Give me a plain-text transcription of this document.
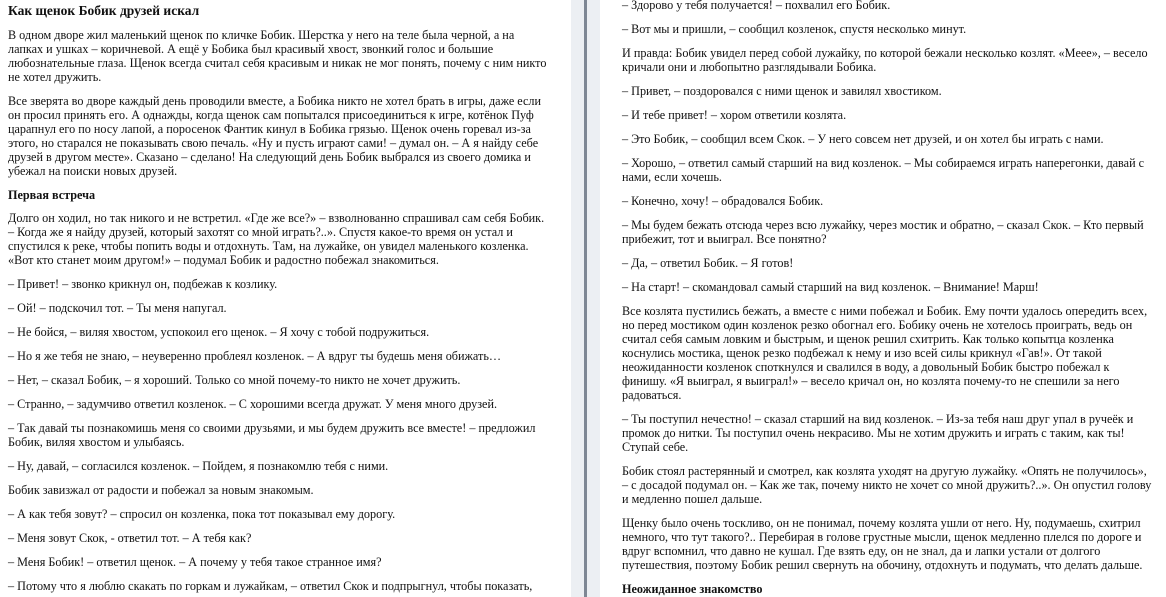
Как щенок Бобик друзей искал

В одном дворе жил маленький щенок по кличке Бобик. Шерстка у него на теле была черной, а на лапках и ушках – коричневой. А ещё у Бобика был красивый хвост, звонкий голос и большие любознательные глаза. Щенок всегда считал себя красивым и никак не мог понять, почему с ним никто не хотел дружить.

Все зверята во дворе каждый день проводили вместе, а Бобика никто не хотел брать в игры, даже если он просил принять его. А однажды, когда щенок сам попытался присоединиться к игре, котёнок Пуф царапнул его по носу лапой, а поросенок Фантик кинул в Бобика грязью. Щенок очень горевал из-за этого, но старался не показывать свою печаль. «Ну и пусть играют сами! – думал он. – А я найду себе друзей в другом месте». Сказано – сделано! На следующий день Бобик выбрался из своего домика и убежал на поиски новых друзей.

Первая встреча

Долго он ходил, но так никого и не встретил. «Где же все?» – взволнованно спрашивал сам себя Бобик. – Когда же я найду друзей, который захотят со мной играть?..». Спустя какое-то время он устал и спустился к реке, чтобы попить воды и отдохнуть. Там, на лужайке, он увидел маленького козленка. «Вот кто станет моим другом!» – подумал Бобик и радостно побежал знакомиться.

– Привет! – звонко крикнул он, подбежав к козлику.

– Ой! – подскочил тот. – Ты меня напугал.

– Не бойся, – виляя хвостом, успокоил его щенок. – Я хочу с тобой подружиться.

– Но я же тебя не знаю, – неуверенно проблеял козленок. – А вдруг ты будешь меня обижать…

– Нет, – сказал Бобик, – я хороший. Только со мной почему-то никто не хочет дружить.

– Странно, – задумчиво ответил козленок. – С хорошими всегда дружат. У меня много друзей.

– Так давай ты познакомишь меня со своими друзьями, и мы будем дружить все вместе! – предложил Бобик, виляя хвостом и улыбаясь.

– Ну, давай, – согласился козленок. – Пойдем, я познакомлю тебя с ними.

Бобик завизжал от радости и побежал за новым знакомым.

– А как тебя зовут? – спросил он козленка, пока тот показывал ему дорогу.

– Меня зовут Скок, - ответил тот. – А тебя как?

– Меня Бобик! – ответил щенок. – А почему у тебя такое странное имя?

– Потому что я люблю скакать по горкам и лужайкам, – ответил Скок и подпрыгнул, чтобы показать,

– Здорово у тебя получается! – похвалил его Бобик.

– Вот мы и пришли, – сообщил козленок, спустя несколько минут.

И правда: Бобик увидел перед собой лужайку, по которой бежали несколько козлят. «Мeee», – весело кричали они и любопытно разглядывали Бобика.

– Привет, – поздоровался с ними щенок и завилял хвостиком.

– И тебе привет! – хором ответили козлята.

– Это Бобик, – сообщил всем Скок. – У него совсем нет друзей, и он хотел бы играть с нами.

– Хорошо, – ответил самый старший на вид козленок. – Мы собираемся играть наперегонки, давай с нами, если хочешь.

– Конечно, хочу! – обрадовался Бобик.

– Мы будем бежать отсюда через всю лужайку, через мостик и обратно, – сказал Скок. – Кто первый прибежит, тот и выиграл. Все понятно?

– Да, – ответил Бобик. – Я готов!

– На старт! – скомандовал самый старший на вид козленок. – Внимание! Марш!

Все козлята пустились бежать, а вместе с ними побежал и Бобик. Ему почти удалось опередить всех, но перед мостиком один козленок резко обогнал его. Бобику очень не хотелось проиграть, ведь он считал себя самым ловким и быстрым, и щенок решил схитрить. Как только копытца козленка коснулись мостика, щенок резко подбежал к нему и изо всей силы крикнул «Гав!». От такой неожиданности козленок споткнулся и свалился в воду, а довольный Бобик быстро побежал к финишу. «Я выиграл, я выиграл!» – весело кричал он, но козлята почему-то не спешили за него радоваться.

– Ты поступил нечестно! – сказал старший на вид козленок. – Из-за тебя наш друг упал в ручеёк и промок до нитки. Ты поступил очень некрасиво. Мы не хотим дружить и играть с таким, как ты! Ступай себе.

Бобик стоял растерянный и смотрел, как козлята уходят на другую лужайку. «Опять не получилось», – с досадой подумал он. – Как же так, почему никто не хочет со мной дружить?..». Он опустил голову и медленно пошел дальше.

Щенку было очень тоскливо, он не понимал, почему козлята ушли от него. Ну, подумаешь, схитрил немного, что тут такого?.. Перебирая в голове грустные мысли, щенок медленно плелся по дороге и вдруг вспомнил, что давно не кушал. Где взять еду, он не знал, да и лапки устали от долгого путешествия, поэтому Бобик решил свернуть на обочину, отдохнуть и подумать, что делать дальше.

Неожиданное знакомство
